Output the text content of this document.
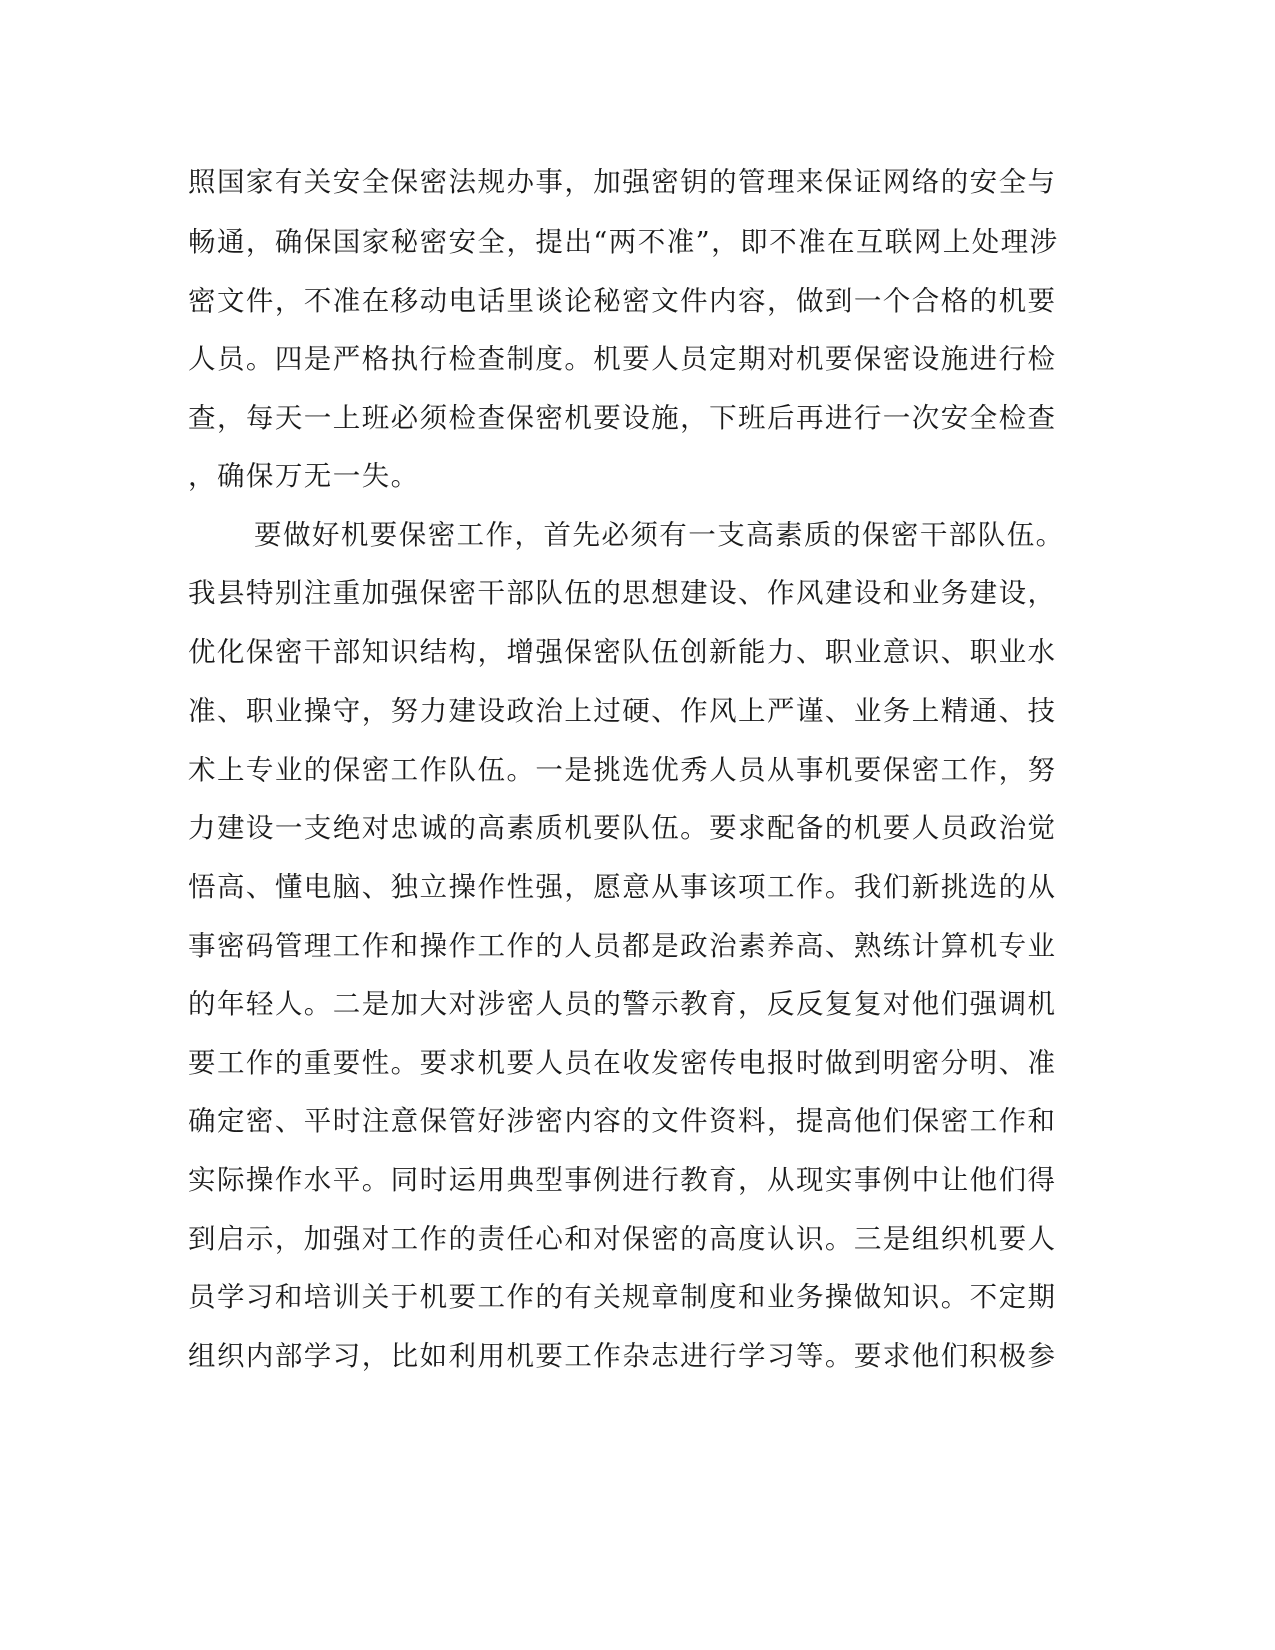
照国家有关安全保密法规办事，加强密钥的管理来保证网络的安全与
畅通，确保国家秘密安全，提出“两不准”，即不准在互联网上处理涉
密文件，不准在移动电话里谈论秘密文件内容，做到一个合格的机要
人员。四是严格执行检查制度。机要人员定期对机要保密设施进行检
查，每天一上班必须检查保密机要设施，下班后再进行一次安全检查
，确保万无一失。
要做好机要保密工作，首先必须有一支高素质的保密干部队伍。
我县特别注重加强保密干部队伍的思想建设、作风建设和业务建设，
优化保密干部知识结构，增强保密队伍创新能力、职业意识、职业水
准、职业操守，努力建设政治上过硬、作风上严谨、业务上精通、技
术上专业的保密工作队伍。一是挑选优秀人员从事机要保密工作，努
力建设一支绝对忠诚的高素质机要队伍。要求配备的机要人员政治觉
悟高、懂电脑、独立操作性强，愿意从事该项工作。我们新挑选的从
事密码管理工作和操作工作的人员都是政治素养高、熟练计算机专业
的年轻人。二是加大对涉密人员的警示教育，反反复复对他们强调机
要工作的重要性。要求机要人员在收发密传电报时做到明密分明、准
确定密、平时注意保管好涉密内容的文件资料，提高他们保密工作和
实际操作水平。同时运用典型事例进行教育，从现实事例中让他们得
到启示，加强对工作的责任心和对保密的高度认识。三是组织机要人
员学习和培训关于机要工作的有关规章制度和业务操做知识。不定期
组织内部学习，比如利用机要工作杂志进行学习等。要求他们积极参
